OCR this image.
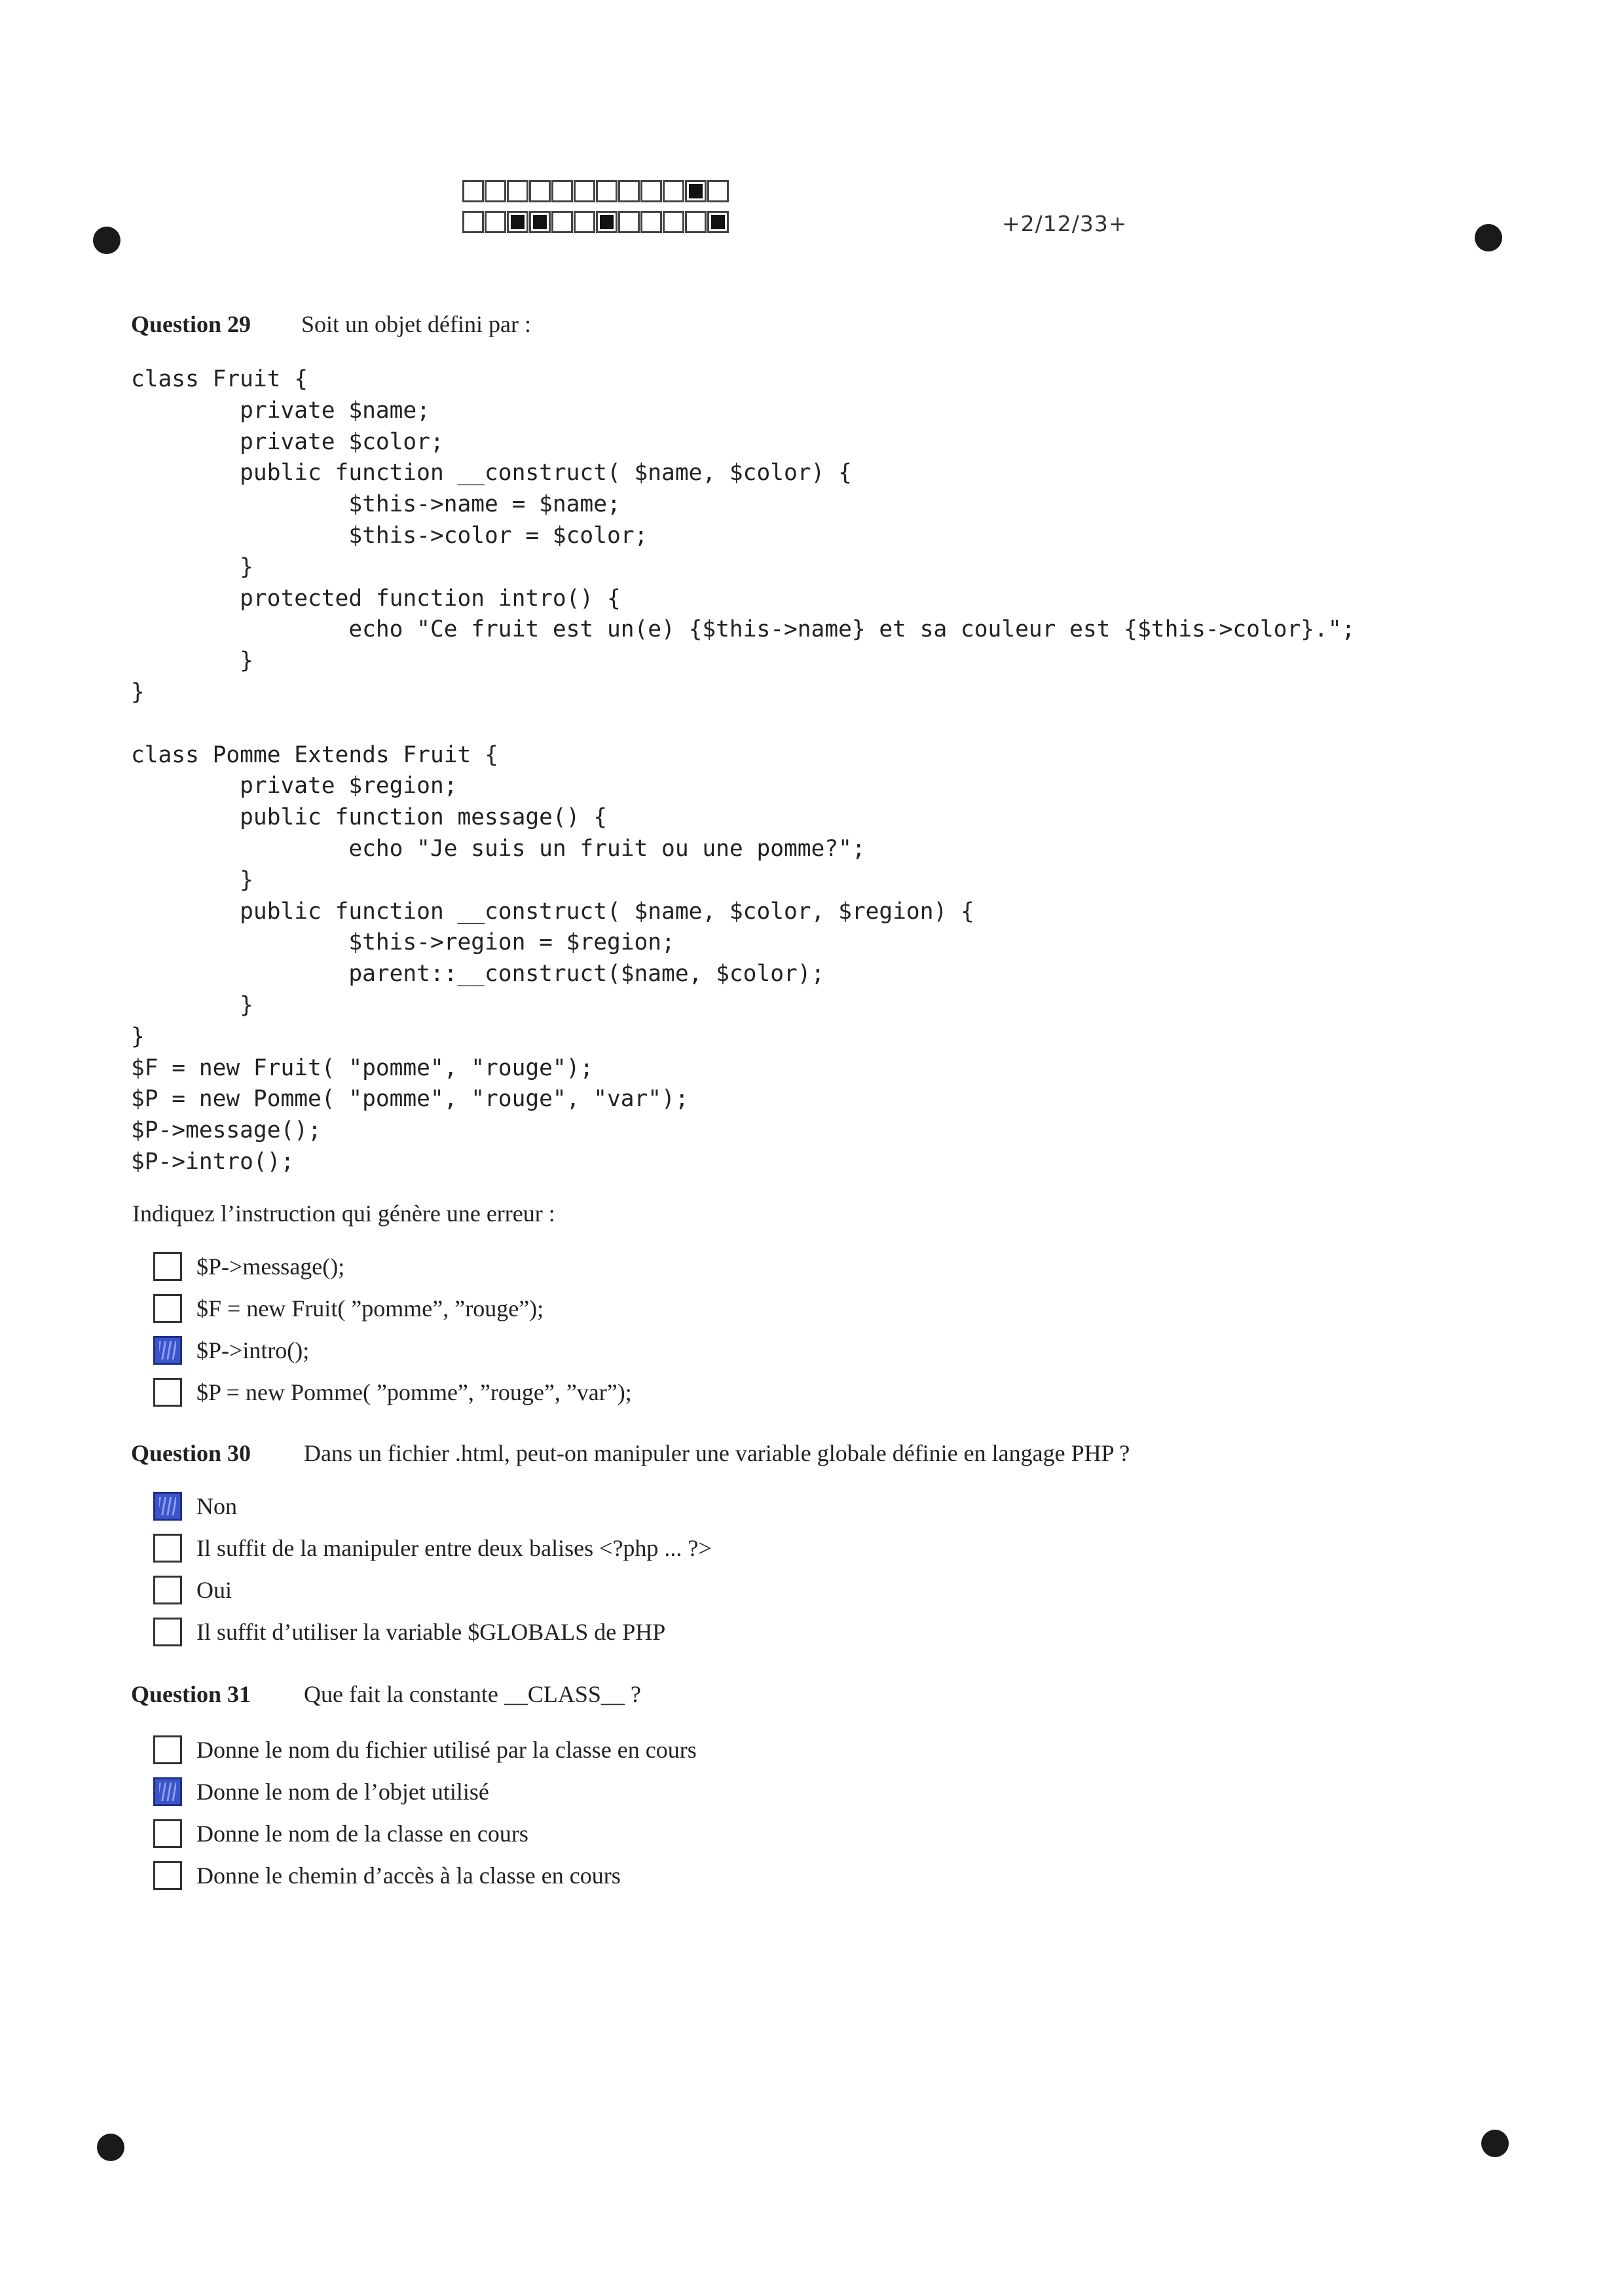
+2/12/33+
Question 29 Soit un objet défini par :
class Fruit {
private $name;
private $color;
public function __construct( $name, $color) {
$this->name = $name;
$this->color = $color;
}
protected function intro() {
echo "Ce fruit est un(e) {$this->name} et sa couleur est {$this->color}.";
}
}
class Pomme Extends Fruit {
private $region;
public function message() {
echo "Je suis un fruit ou une pomme?";
}
public function __construct( $name, $color, $region) {
$this->region = $region;
parent::__construct($name, $color);
}
}
$F = new Fruit( "pomme", "rouge");
$P = new Pomme( "pomme", "rouge", "var");
$P->message();
$P->intro();
Indiquez l’instruction qui génère une erreur :
$P->message();
$F = new Fruit( ”pomme”, ”rouge”);
$P->intro();
$P = new Pomme( ”pomme”, ”rouge”, ”var”);
Question 30 Dans un fichier .html, peut-on manipuler une variable globale définie en langage PHP ?
Non
Il suffit de la manipuler entre deux balises <?php ... ?>
Oui
Il suffit d’utiliser la variable $GLOBALS de PHP
Question 31 Que fait la constante __CLASS__ ?
Donne le nom du fichier utilisé par la classe en cours
Donne le nom de l’objet utilisé
Donne le nom de la classe en cours
Donne le chemin d’accès à la classe en cours
